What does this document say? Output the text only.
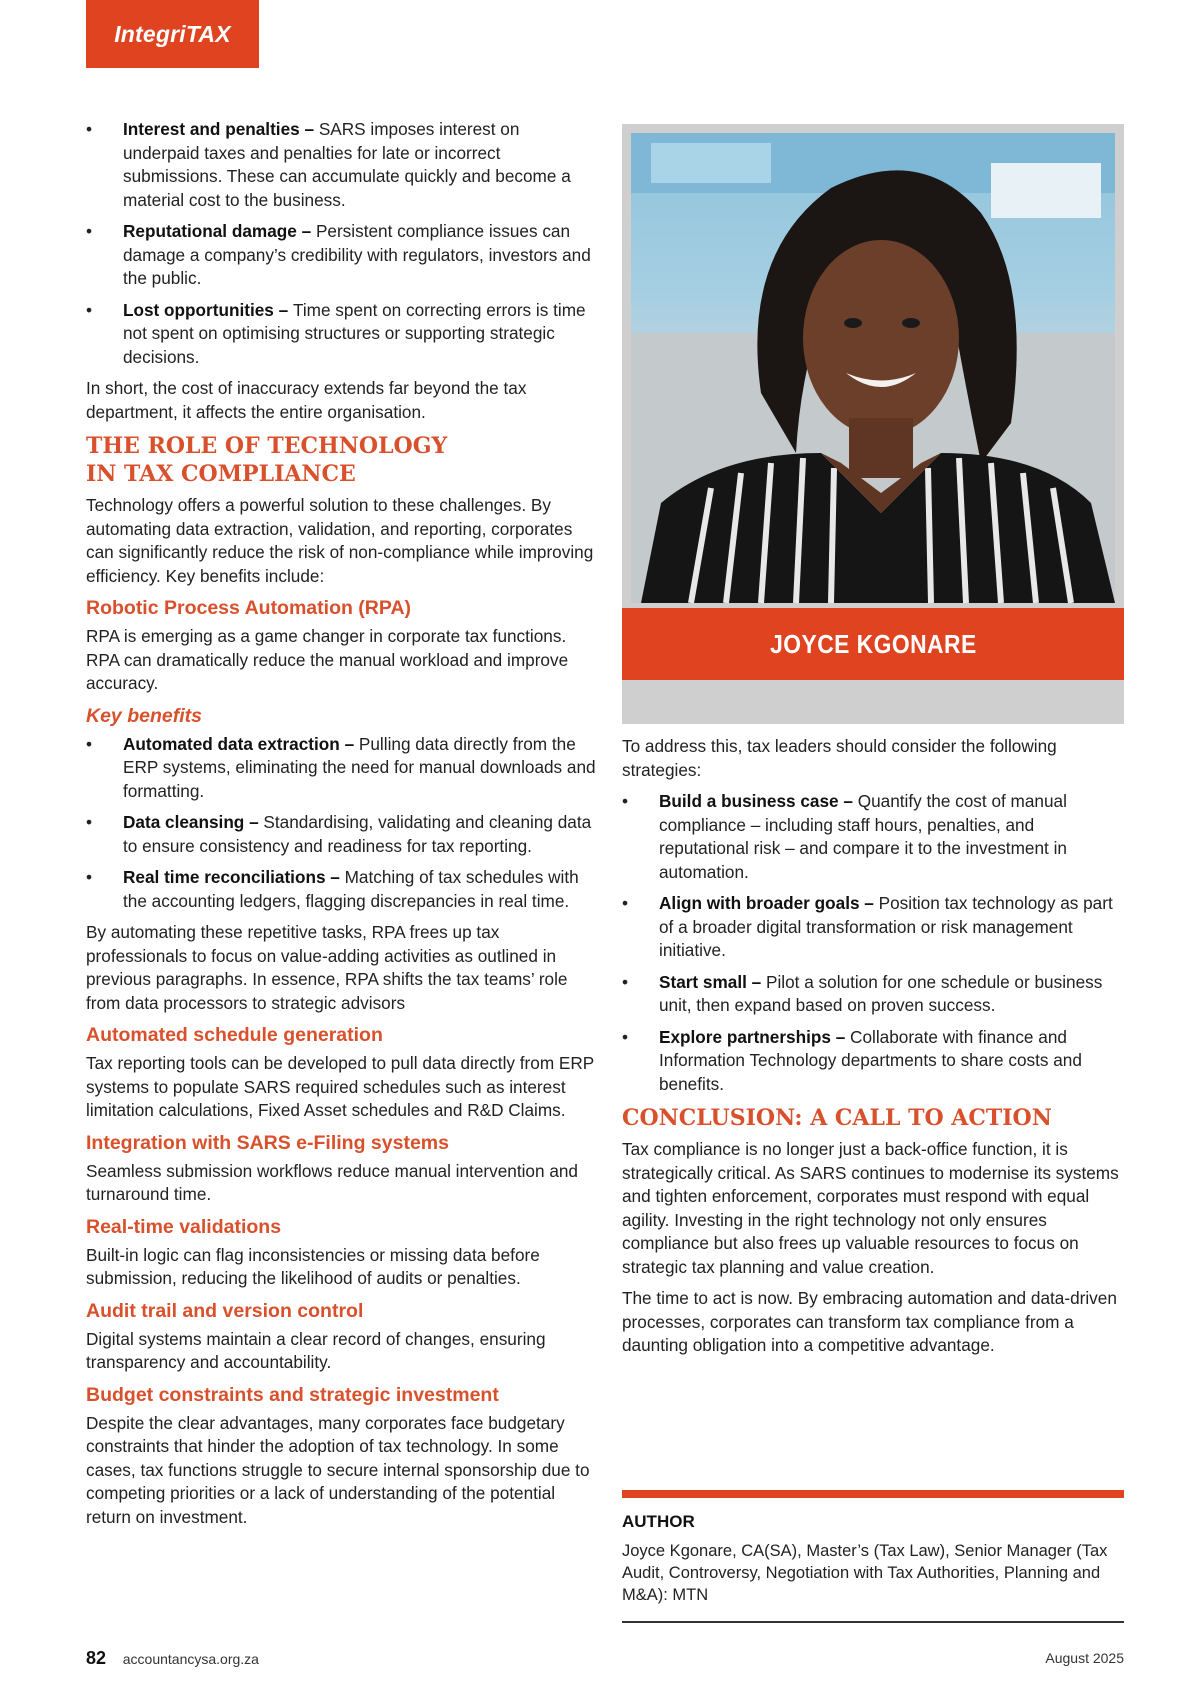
IntegriTAX
• Interest and penalties – SARS imposes interest on underpaid taxes and penalties for late or incorrect submissions. These can accumulate quickly and become a material cost to the business.
• Reputational damage – Persistent compliance issues can damage a company’s credibility with regulators, investors and the public.
• Lost opportunities – Time spent on correcting errors is time not spent on optimising structures or supporting strategic decisions.

In short, the cost of inaccuracy extends far beyond the tax department, it affects the entire organisation.

THE ROLE OF TECHNOLOGY
IN TAX COMPLIANCE

Technology offers a powerful solution to these challenges. By automating data extraction, validation, and reporting, corporates can significantly reduce the risk of non-compliance while improving efficiency. Key benefits include:

Robotic Process Automation (RPA)

RPA is emerging as a game changer in corporate tax functions. RPA can dramatically reduce the manual workload and improve accuracy.

Key benefits
• Automated data extraction – Pulling data directly from the ERP systems, eliminating the need for manual downloads and formatting.
• Data cleansing – Standardising, validating and cleaning data to ensure consistency and readiness for tax reporting.
• Real time reconciliations – Matching of tax schedules with the accounting ledgers, flagging discrepancies in real time.

By automating these repetitive tasks, RPA frees up tax professionals to focus on value-adding activities as outlined in previous paragraphs. In essence, RPA shifts the tax teams’ role from data processors to strategic advisors

Automated schedule generation

Tax reporting tools can be developed to pull data directly from ERP systems to populate SARS required schedules such as interest limitation calculations, Fixed Asset schedules and R&D Claims.

Integration with SARS e-Filing systems

Seamless submission workflows reduce manual intervention and turnaround time.

Real-time validations

Built-in logic can flag inconsistencies or missing data before submission, reducing the likelihood of audits or penalties.

Audit trail and version control

Digital systems maintain a clear record of changes, ensuring transparency and accountability.

Budget constraints and strategic investment

Despite the clear advantages, many corporates face budgetary constraints that hinder the adoption of tax technology. In some cases, tax functions struggle to secure internal sponsorship due to competing priorities or a lack of understanding of the potential return on investment.

JOYCE KGONARE

To address this, tax leaders should consider the following strategies:

• Build a business case – Quantify the cost of manual compliance – including staff hours, penalties, and reputational risk – and compare it to the investment in automation.
• Align with broader goals – Position tax technology as part of a broader digital transformation or risk management initiative.
• Start small – Pilot a solution for one schedule or business unit, then expand based on proven success.
• Explore partnerships – Collaborate with finance and Information Technology departments to share costs and benefits.
CONCLUSION: A CALL TO ACTION

Tax compliance is no longer just a back-office function, it is strategically critical. As SARS continues to modernise its systems and tighten enforcement, corporates must respond with equal agility. Investing in the right technology not only ensures compliance but also frees up valuable resources to focus on strategic tax planning and value creation.

The time to act is now. By embracing automation and data-driven processes, corporates can transform tax compliance from a daunting obligation into a competitive advantage.

AUTHOR

Joyce Kgonare, CA(SA), Master’s (Tax Law), Senior Manager (Tax Audit, Controversy, Negotiation with Tax Authorities, Planning and M&A): MTN

82 accountancysa.org.za	August 2025
